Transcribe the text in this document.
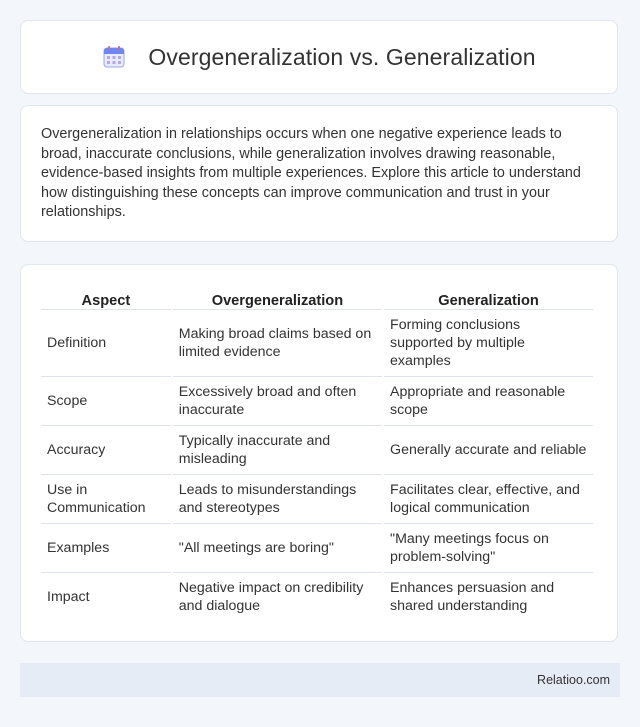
Overgeneralization vs. Generalization
Overgeneralization in relationships occurs when one negative experience leads to broad, inaccurate conclusions, while generalization involves drawing reasonable, evidence-based insights from multiple experiences. Explore this article to understand how distinguishing these concepts can improve communication and trust in your relationships.
Aspect	Overgeneralization	Generalization
Definition	Making broad claims based on limited evidence	Forming conclusions supported by multiple examples
Scope	Excessively broad and often inaccurate	Appropriate and reasonable scope
Accuracy	Typically inaccurate and misleading	Generally accurate and reliable
Use in Communication	Leads to misunderstandings and stereotypes	Facilitates clear, effective, and logical communication
Examples	"All meetings are boring"	"Many meetings focus on problem-solving"
Impact	Negative impact on credibility and dialogue	Enhances persuasion and shared understanding
Relatioo.com
